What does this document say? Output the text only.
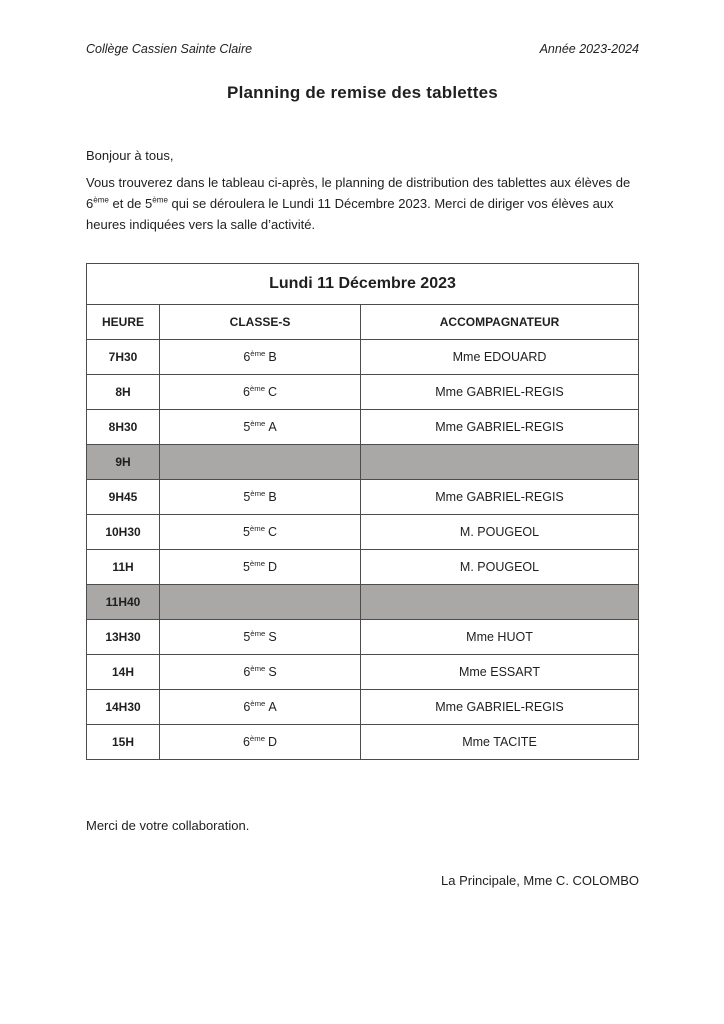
Collège Cassien Sainte Claire	Année 2023-2024
Planning de remise des tablettes

Bonjour à tous,

Vous trouverez dans le tableau ci-après, le planning de distribution des tablettes aux élèves de 6ème et de 5ème qui se déroulera le Lundi 11 Décembre 2023. Merci de diriger vos élèves aux heures indiquées vers la salle d’activité.

Lundi 11 Décembre 2023		
HEURE	CLASSE-S	ACCOMPAGNATEUR
7H30	6ème B	Mme EDOUARD
8H	6ème C	Mme GABRIEL-REGIS
8H30	5ème A	Mme GABRIEL-REGIS
9H		
9H45	5ème B	Mme GABRIEL-REGIS
10H30	5ème C	M. POUGEOL
11H	5ème D	M. POUGEOL
11H40		
13H30	5ème S	Mme HUOT
14H	6ème S	Mme ESSART
14H30	6ème A	Mme GABRIEL-REGIS
15H	6ème D	Mme TACITE

Merci de votre collaboration.

La Principale, Mme C. COLOMBO
